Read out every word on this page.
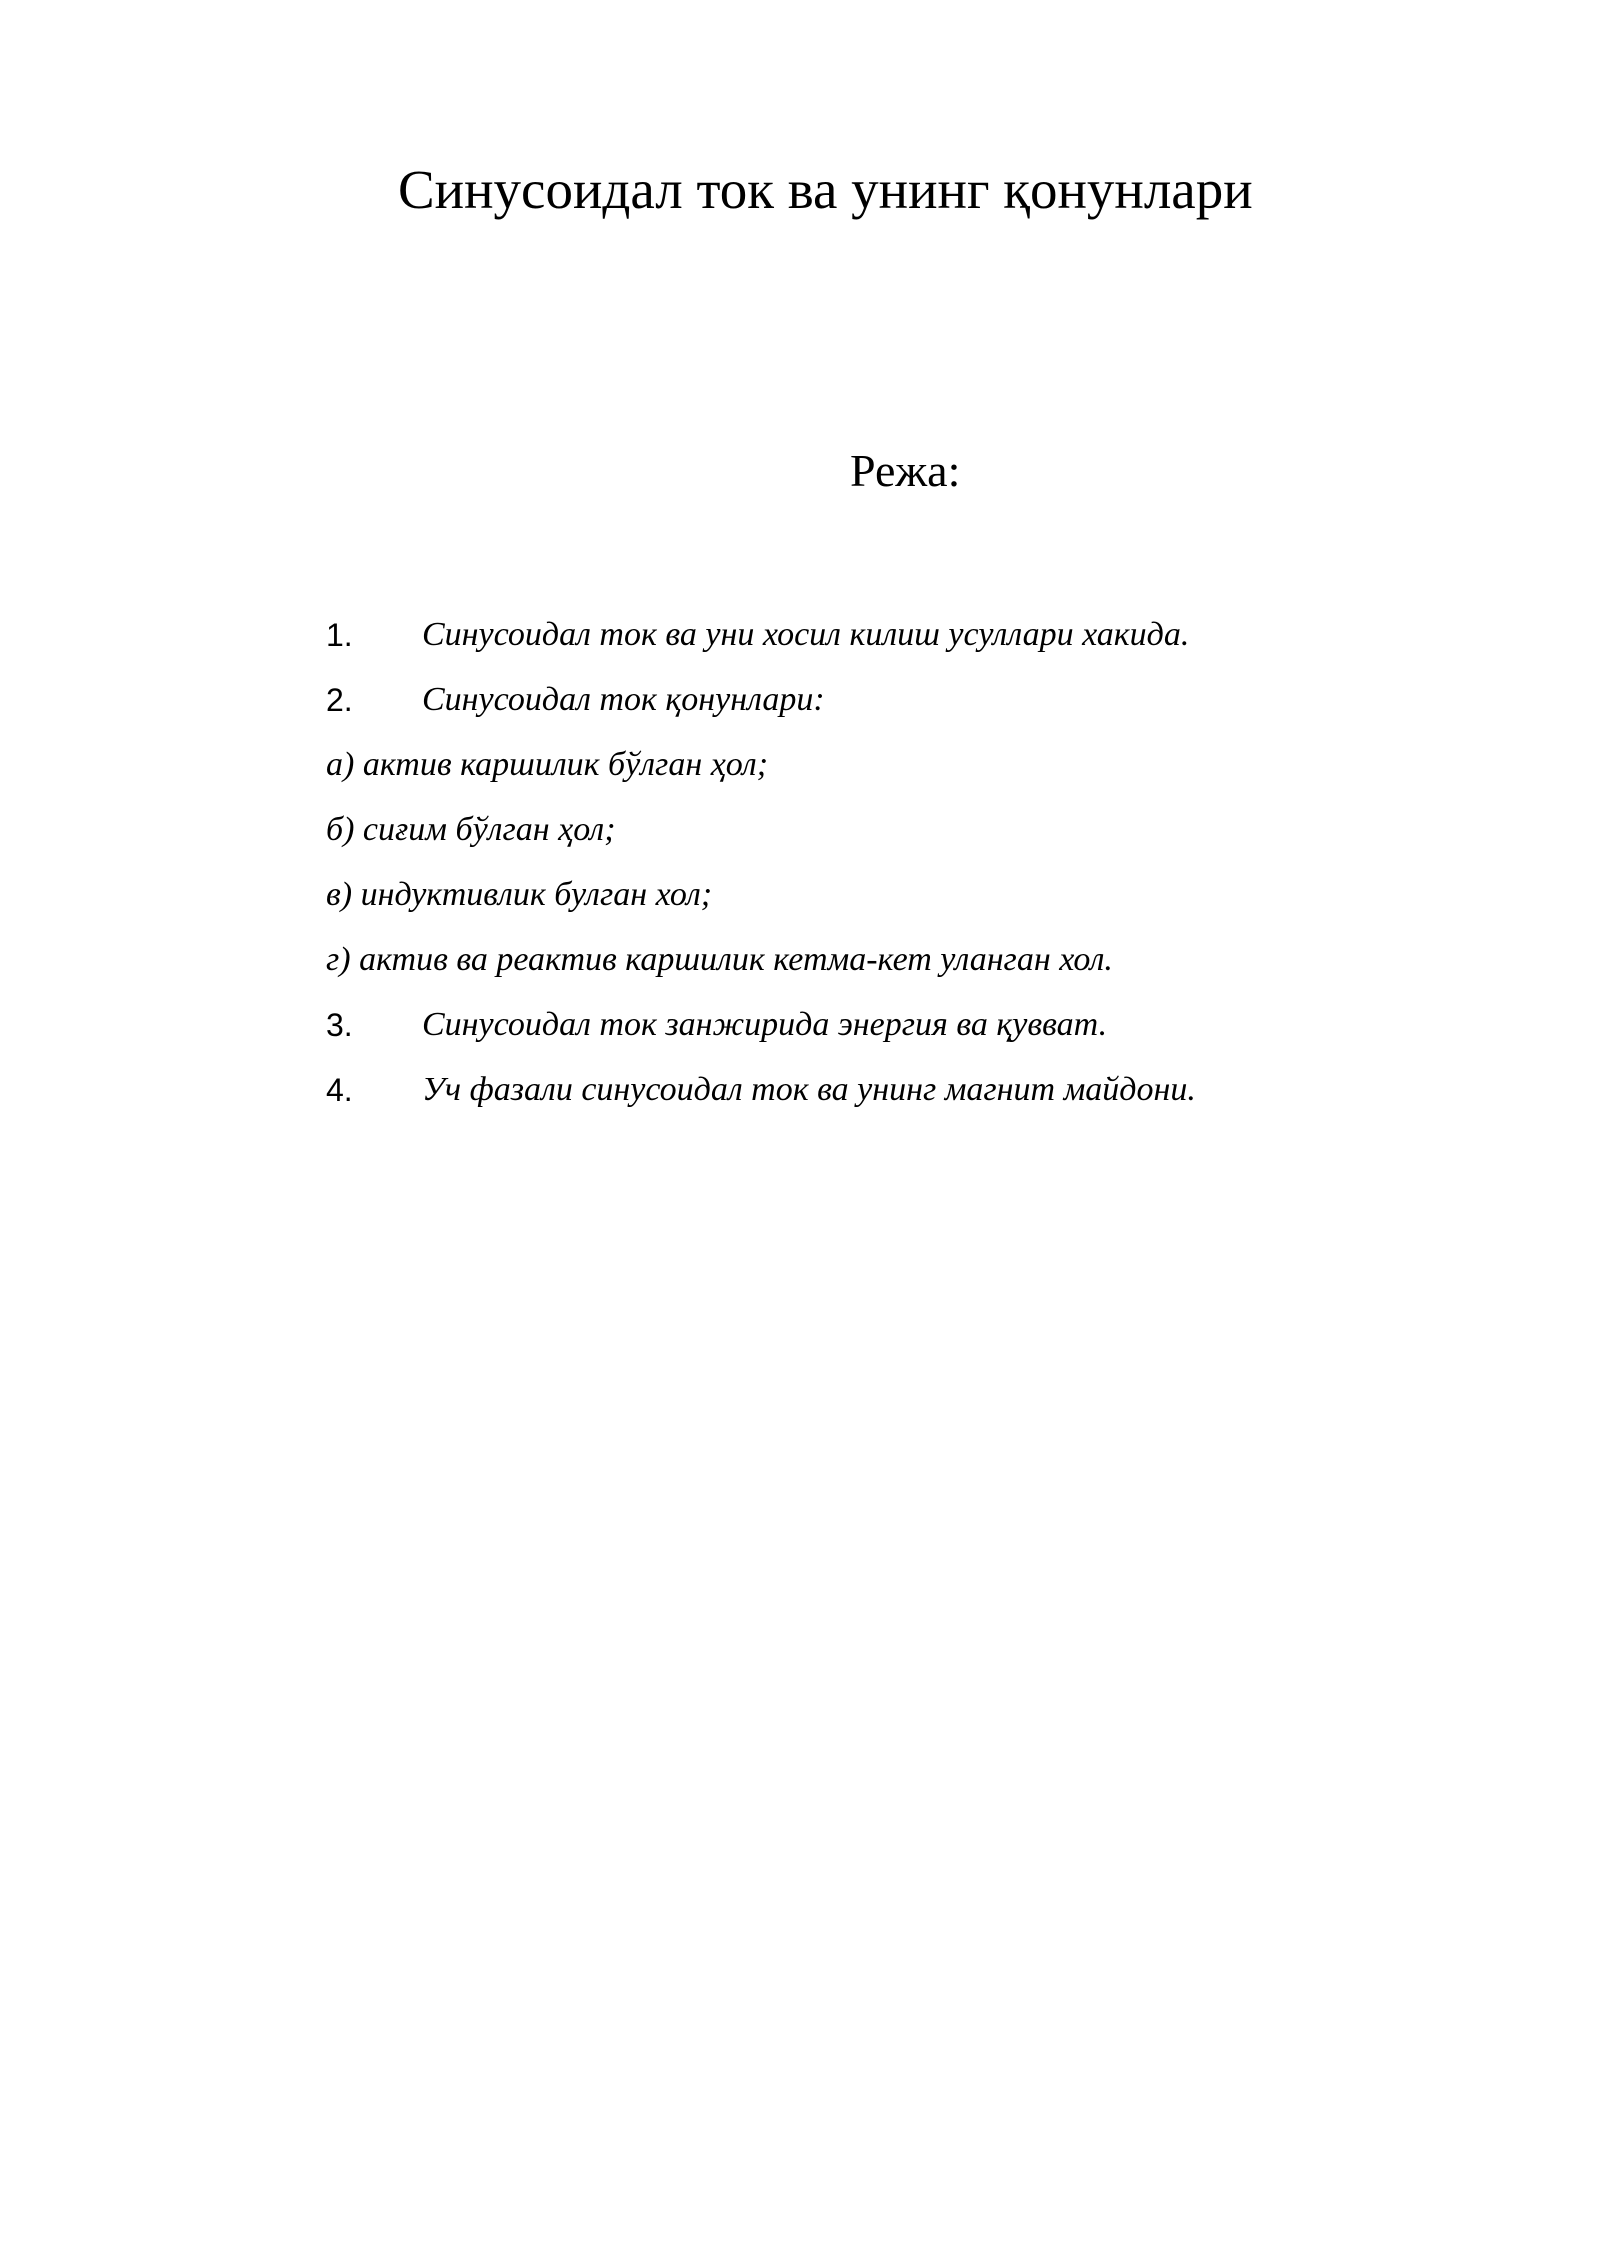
Синусоидал ток ва унинг қонунлари
Режа:
1. Синусоидал ток ва уни хосил килиш усуллари хакида.
2. Синусоидал ток қонунлари:
а) актив каршилик бўлган ҳол;
б) сиғим бўлган ҳол;
в) индуктивлик булган хол;
г) актив ва реактив каршилик кетма-кет уланган хол.
3. Синусоидал ток занжирида энергия ва қувват.
4. Уч фазали синусоидал ток ва унинг магнит майдони.
